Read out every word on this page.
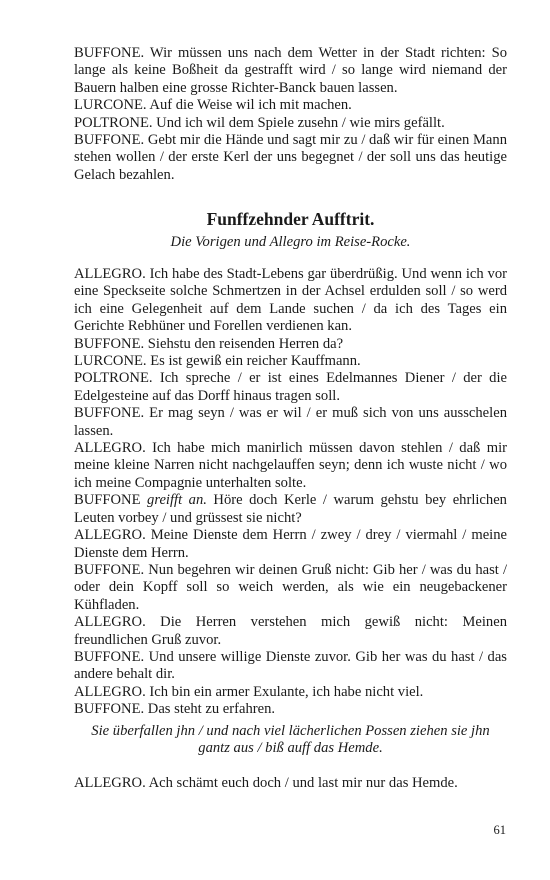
BUFFONE. Wir müssen uns nach dem Wetter in der Stadt richten: So lange als keine Boßheit da gestrafft wird / so lange wird niemand der Bauern halben eine grosse Richter-Banck bauen lassen.

LURCONE. Auf die Weise wil ich mit machen.

POLTRONE. Und ich wil dem Spiele zusehn / wie mirs gefällt.

BUFFONE. Gebt mir die Hände und sagt mir zu / daß wir für einen Mann stehen wollen / der erste Kerl der uns begegnet / der soll uns das heutige Gelach bezahlen.

Funffzehnder Aufftrit.
Die Vorigen und Allegro im Reise-Rocke.

ALLEGRO. Ich habe des Stadt-Lebens gar überdrüßig. Und wenn ich vor eine Speckseite solche Schmertzen in der Achsel erdulden soll / so werd ich eine Gelegenheit auf dem Lande suchen / da ich des Tages ein Gerichte Rebhüner und Forellen verdienen kan.

BUFFONE. Siehstu den reisenden Herren da?

LURCONE. Es ist gewiß ein reicher Kauffmann.

POLTRONE. Ich spreche / er ist eines Edelmannes Diener / der die Edelgesteine auf das Dorff hinaus tragen soll.

BUFFONE. Er mag seyn / was er wil / er muß sich von uns ausschelen lassen.

ALLEGRO. Ich habe mich manirlich müssen davon stehlen / daß mir meine kleine Narren nicht nachgelauffen seyn; denn ich wuste nicht / wo ich meine Compagnie unterhalten solte.

BUFFONE greifft an. Höre doch Kerle / warum gehstu bey ehrlichen Leuten vorbey / und grüssest sie nicht?

ALLEGRO. Meine Dienste dem Herrn / zwey / drey / viermahl / meine Dienste dem Herrn.

BUFFONE. Nun begehren wir deinen Gruß nicht: Gib her / was du hast / oder dein Kopff soll so weich werden, als wie ein neugebackener Kühfladen.

ALLEGRO. Die Herren verstehen mich gewiß nicht: Meinen freundlichen Gruß zuvor.

BUFFONE. Und unsere willige Dienste zuvor. Gib her was du hast / das andere behalt dir.

ALLEGRO. Ich bin ein armer Exulante, ich habe nicht viel.

BUFFONE. Das steht zu erfahren.

Sie überfallen jhn / und nach viel lächerlichen Possen ziehen sie jhn gantz aus / biß auff das Hemde.

ALLEGRO. Ach schämt euch doch / und last mir nur das Hemde.

61
